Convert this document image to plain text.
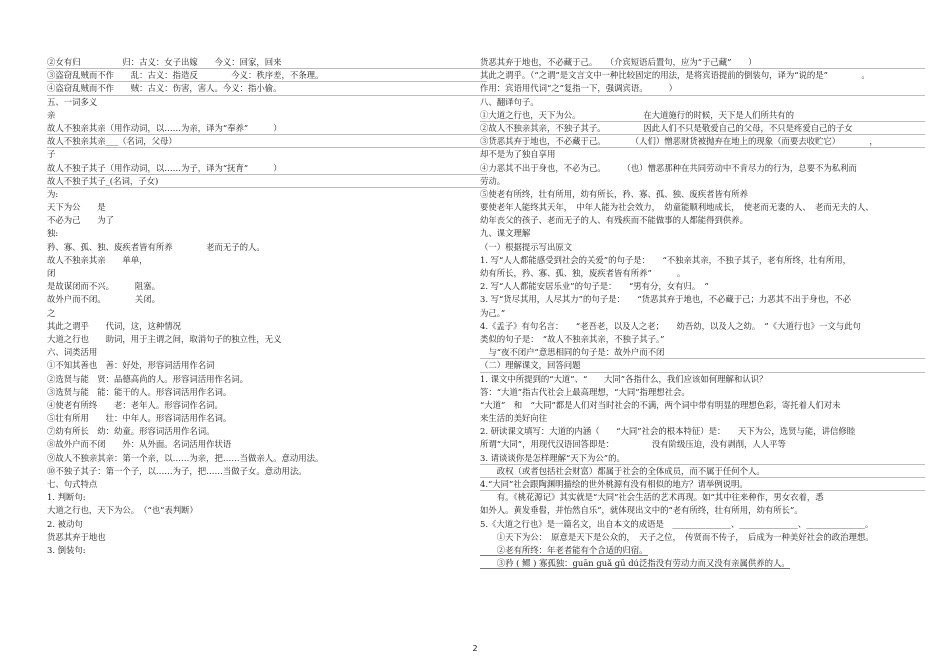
②女有归　　　　　归：古义：女子出嫁　　今义：回家，回来
③盗窃乱贼而不作　　乱：古义：指造反　　　　今义：秩序差，不条理。
④盗窃乱贼而不作　　贼：古义：伤害，害人。今义：指小偷。
五、一词多义
亲
故人不独亲其亲（用作动词，以……为亲，译为“奉养”　　　）
故人不独亲其亲___（名词，父母）
子
故人不独子其子（用作动词，以……为子，译为“抚育”　　　）
故人不独子其子_(名词，子女)
为:
天下为公　　是
不必为己　　为了
独:
矜、寡、孤、独、废疾者皆有所养　　　　老而无子的人。
故人不独亲其亲　　单单，
闭
是故谋闭而不兴。　　　阻塞。
故外户而不闭。　　　　关闭。
之
其此之谓乎　　代词，这，这种情况
大道之行也　　助词，用于主谓之间，取消句子的独立性，无义
六、词类活用
①不知其善也　善：好处，形容词活用作名词
②选贤与能　贤：品德高尚的人。形容词活用作名词。
③选贤与能　能：能干的人。形容词活用作名词。
④使老有所终　　老：老年人。形容词作名词。
⑤壮有所用　　壮：中年人。形容词活用作名词。
⑦幼有所长　幼：幼童。形容词活用作名词。
⑧故外户而不闭　　外：从外面。名词活用作状语
⑨故人不独亲其亲：第一个亲，以……为亲，把……当做亲人。意动用法。
⑩不独子其子：第一个子，以……为子，把……当做子女。意动用法。
七、句式特点
1. 判断句:
大道之行也，天下为公。　（“也”表判断）
2. 被动句
货恶其弃于地也
3. 倒装句:
货恶其弃于地也，不必藏于己。　　（介宾短语后置句，应为“于己藏”　　）
其此之谓乎。（“之谓”是文言文中一种比较固定的用法，是将宾语提前的倒装句，译为“说的是”　　　　。
作用：宾语用代词“之”复指一下，强调宾语。　　　）
八、翻译句子。
①大道之行也，天下为公。　　　　　　　　在大道施行的时候，天下是人们所共有的
②故人不独亲其亲，不独子其子。　　　　　因此人们不只是敬爱自己的父母，不只是疼爱自己的子女
③货恶其弃于地也，不必藏于己。　　　　（人们）憎恶财货被抛弃在地上的现象（而要去收贮它）　　　　，
却不是为了独自享用
④力恶其不出于身也，不必为己。　　　（也）憎恶那种在共同劳动中不肯尽力的行为，总要不为私利而
劳动。
⑤使老有所终，壮有所用，幼有所长，矜、寡、孤、独、废疾者皆有所养
要使老年人能终其天年，　中年人能为社会效力，　幼童能顺利地成长，　使老而无妻的人、　老而无夫的人、
幼年丧父的孩子、老而无子的人、有残疾而不能做事的人都能得到供养。
九、课文理解
（一）根据提示写出原文
1. 写“人人都能感受到社会的关爱”的句子是：　　“不独亲其亲，不独子其子，老有所终，壮有所用，
幼有所长，矜、寡、孤、独，废疾者皆有所养”　　　。
2. 写“人人都能安居乐业”的句子是：　　“男有分，女有归。　”
3. 写“货尽其用，人尽其力”的句子是：　　“货恶其弃于地也，不必藏于己；力恶其不出于身也，不必
为己。”
4.《孟子》有句名言：　　“老吾老，以及人之老；　　幼吾幼，以及人之幼。　”《大道行也》一文与此句
类似的句子是：　“故人不独亲其亲，不独子其子。”
　与“夜不闭户”意思相同的句子是：故外户而不闭
（二）理解课文，回答问题
1. 课文中所提到的“大道”、“　　大同”各指什么，我们应该如何理解和认识？
答：“大道”指古代社会上最高理想，“大同”指理想社会。
“大道”　和　“大同”都是人们对当时社会的不满，两个词中带有明显的理想色彩，寄托着人们对未
来生活的美好向往
2. 研读课文填写：大道的内涵（　　“大同”社会的根本特征）是：　　天下为公，选贤与能，讲信修睦
所谓“大同”，用现代汉语回答即是：　　　　　没有阶级压迫，没有剥削，人人平等
3. 请谈谈你是怎样理解“天下为公”的。
　　政权（或者包括社会财富）都属于社会的全体成员，而不属于任何个人。
4.“大同”社会跟陶渊明描绘的世外桃源有没有相似的地方？请举例说明。
　　有。《桃花源记》其实就是“大同”社会生活的艺术再现。如“其中往来种作，男女衣着，悉
如外人。黄发垂髫，并怡然自乐”，就体现出文中的“老有所终，壮有所用，幼有所长”。
5.《大道之行也》是一篇名文，出自本文的成语是　______________、______________、______________。
　　①天下为公：　原意是天下是公众的，　天子之位，　传贤而不传子，　后成为一种美好社会的政治理想。
　　②老有所终：年老者能有个合适的归宿。
　　③矜 ( 鳏 ) 寡孤独：guān guǎ gū dú泛指没有劳动力而又没有亲属供养的人。
2
